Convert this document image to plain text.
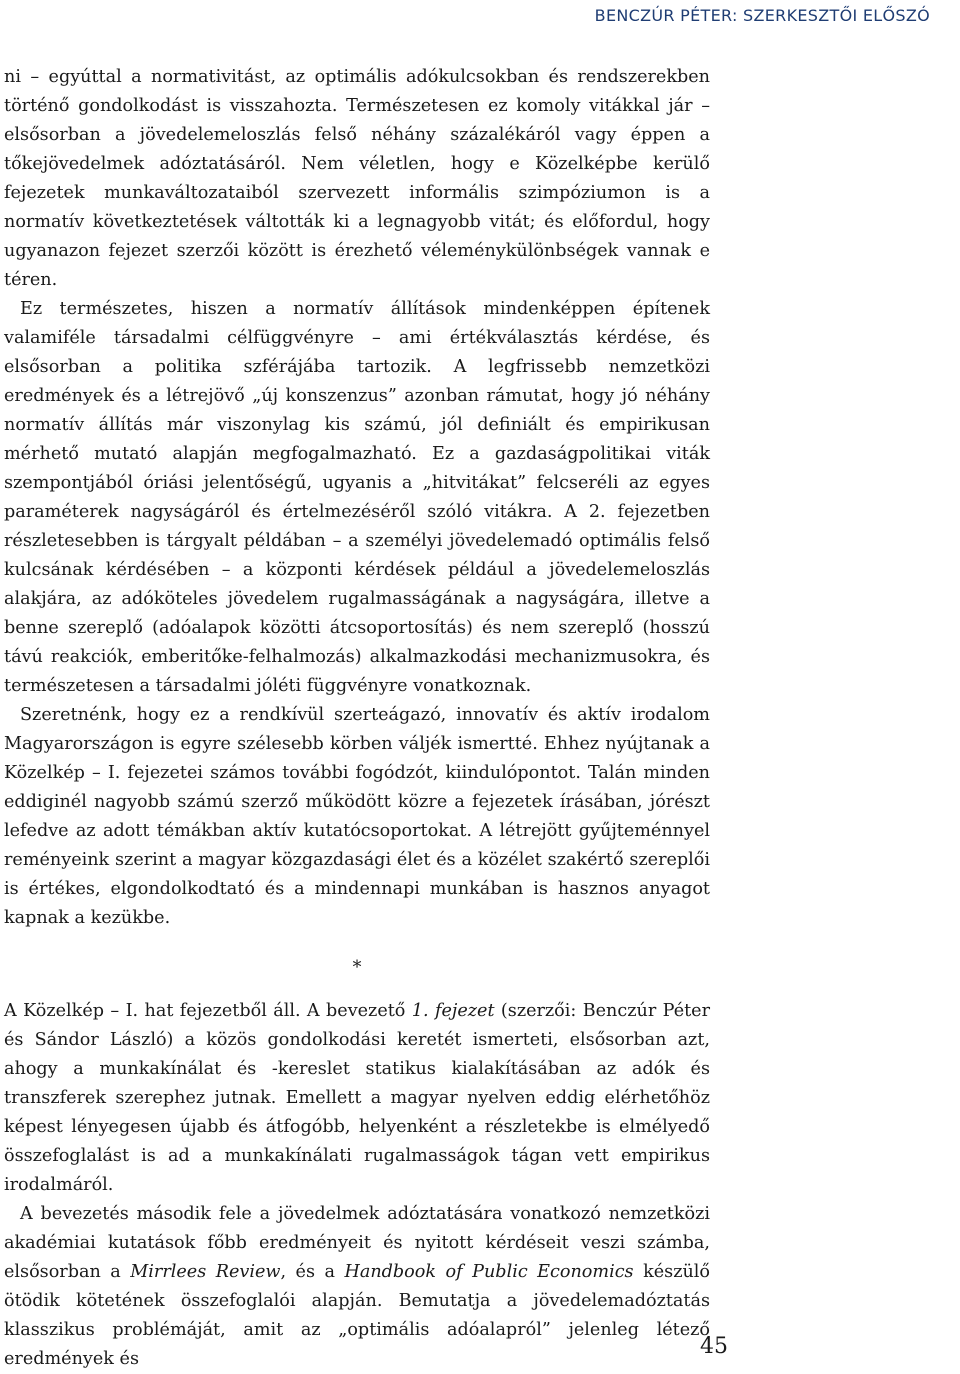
BENCZÚR PÉTER: SZERKESZTŐI ELŐSZÓ

ni – egyúttal a normativitást, az optimális adókulcsokban és rendszerekben történő gondolkodást is visszahozta. Természetesen ez komoly vitákkal jár – elsősorban a jövedelemeloszlás felső néhány százalékáról vagy éppen a tőkejövedelmek adóztatásáról. Nem véletlen, hogy e Közelképbe kerülő fejezetek munkaváltozataiból szervezett informális szimpóziumon is a normatív következtetések váltották ki a legnagyobb vitát; és előfordul, hogy ugyanazon fejezet szerzői között is érezhető véleménykülönbségek vannak e téren.

Ez természetes, hiszen a normatív állítások mindenképpen építenek valamiféle társadalmi célfüggvényre – ami értékválasztás kérdése, és elsősorban a politika szférájába tartozik. A legfrissebb nemzetközi eredmények és a létrejövő „új konszenzus” azonban rámutat, hogy jó néhány normatív állítás már viszonylag kis számú, jól definiált és empirikusan mérhető mutató alapján megfogalmazható. Ez a gazdaságpolitikai viták szempontjából óriási jelentőségű, ugyanis a „hitvitákat” felcseréli az egyes paraméterek nagyságáról és értelmezéséről szóló vitákra. A 2. fejezetben részletesebben is tárgyalt példában – a személyi jövedelemadó optimális felső kulcsának kérdésében – a központi kérdések például a jövedelemeloszlás alakjára, az adóköteles jövedelem rugalmasságának a nagyságára, illetve a benne szereplő (adóalapok közötti átcsoportosítás) és nem szereplő (hosszú távú reakciók, emberitőke-felhalmozás) alkalmazkodási mechanizmusokra, és természetesen a társadalmi jóléti függvényre vonatkoznak.

Szeretnénk, hogy ez a rendkívül szerteágazó, innovatív és aktív irodalom Magyarországon is egyre szélesebb körben váljék ismertté. Ehhez nyújtanak a Közelkép – I. fejezetei számos további fogódzót, kiindulópontot. Talán minden eddiginél nagyobb számú szerző működött közre a fejezetek írásában, jórészt lefedve az adott témákban aktív kutatócsoportokat. A létrejött gyűjteménnyel reményeink szerint a magyar közgazdasági élet és a közélet szakértő szereplői is értékes, elgondolkodtató és a mindennapi munkában is hasznos anyagot kapnak a kezükbe.

*

A Közelkép – I. hat fejezetből áll. A bevezető 1. fejezet (szerzői: Benczúr Péter és Sándor László) a közös gondolkodási keretét ismerteti, elsősorban azt, ahogy a munkakínálat és -kereslet statikus kialakításában az adók és transzferek szerephez jutnak. Emellett a magyar nyelven eddig elérhetőhöz képest lényegesen újabb és átfogóbb, helyenként a részletekbe is elmélyedő összefoglalást is ad a munkakínálati rugalmasságok tágan vett empirikus irodalmáról.

A bevezetés második fele a jövedelmek adóztatására vonatkozó nemzetközi akadémiai kutatások főbb eredményeit és nyitott kérdéseit veszi számba, elsősorban a Mirrlees Review, és a Handbook of Public Economics készülő ötödik kötetének összefoglalói alapján. Bemutatja a jövedelemadóztatás klasszikus problémáját, amit az „optimális adóalapról” jelenleg létező eredmények és	45
